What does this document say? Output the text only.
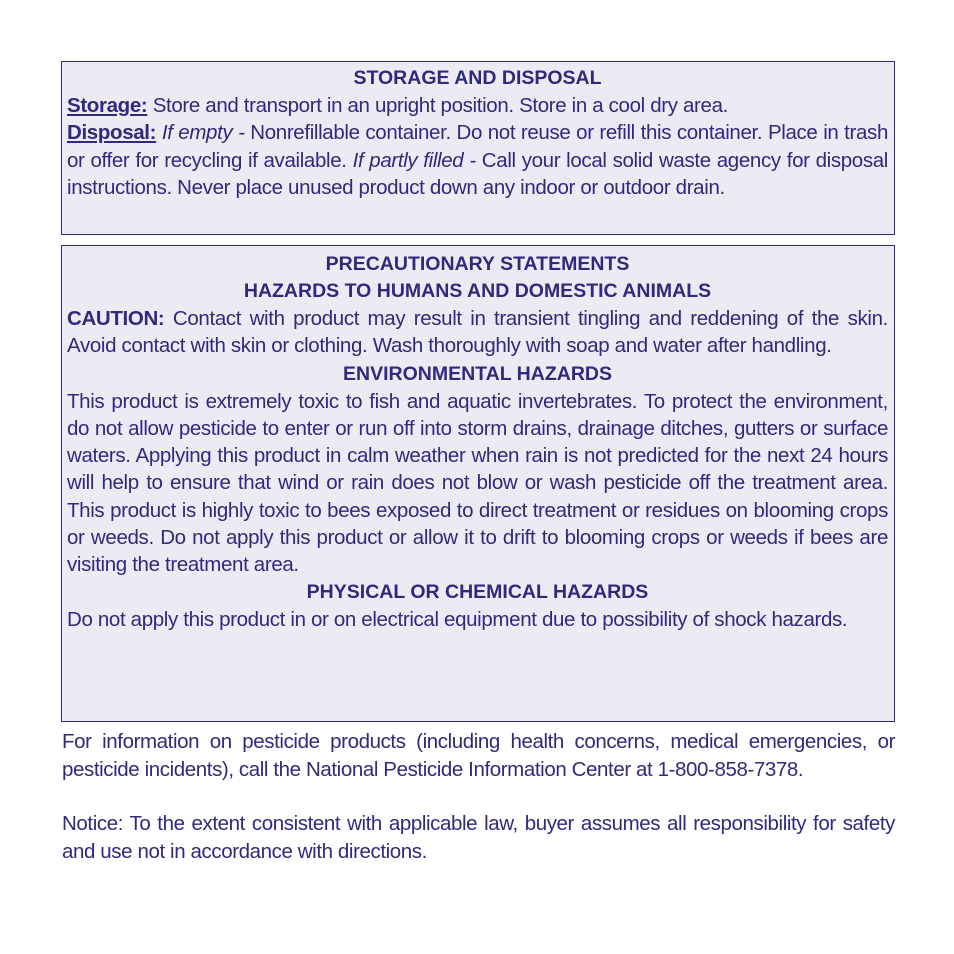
STORAGE AND DISPOSAL
Storage: Store and transport in an upright position. Store in a cool dry area.
Disposal: If empty - Nonrefillable container. Do not reuse or refill this container. Place in trash or offer for recycling if available. If partly filled - Call your local solid waste agency for disposal instructions. Never place unused product down any indoor or outdoor drain.
PRECAUTIONARY STATEMENTS
HAZARDS TO HUMANS AND DOMESTIC ANIMALS
CAUTION: Contact with product may result in transient tingling and reddening of the skin. Avoid contact with skin or clothing. Wash thoroughly with soap and water after handling.
ENVIRONMENTAL HAZARDS
This product is extremely toxic to fish and aquatic invertebrates. To protect the environment, do not allow pesticide to enter or run off into storm drains, drainage ditches, gutters or surface waters. Applying this product in calm weather when rain is not predicted for the next 24 hours will help to ensure that wind or rain does not blow or wash pesticide off the treatment area. This product is highly toxic to bees exposed to direct treatment or residues on blooming crops or weeds. Do not apply this product or allow it to drift to blooming crops or weeds if bees are visiting the treatment area.
PHYSICAL OR CHEMICAL HAZARDS
Do not apply this product in or on electrical equipment due to possibility of shock hazards.
For information on pesticide products (including health concerns, medical emergencies, or pesticide incidents), call the National Pesticide Information Center at 1-800-858-7378.
Notice: To the extent consistent with applicable law, buyer assumes all responsibility for safety and use not in accordance with directions.
